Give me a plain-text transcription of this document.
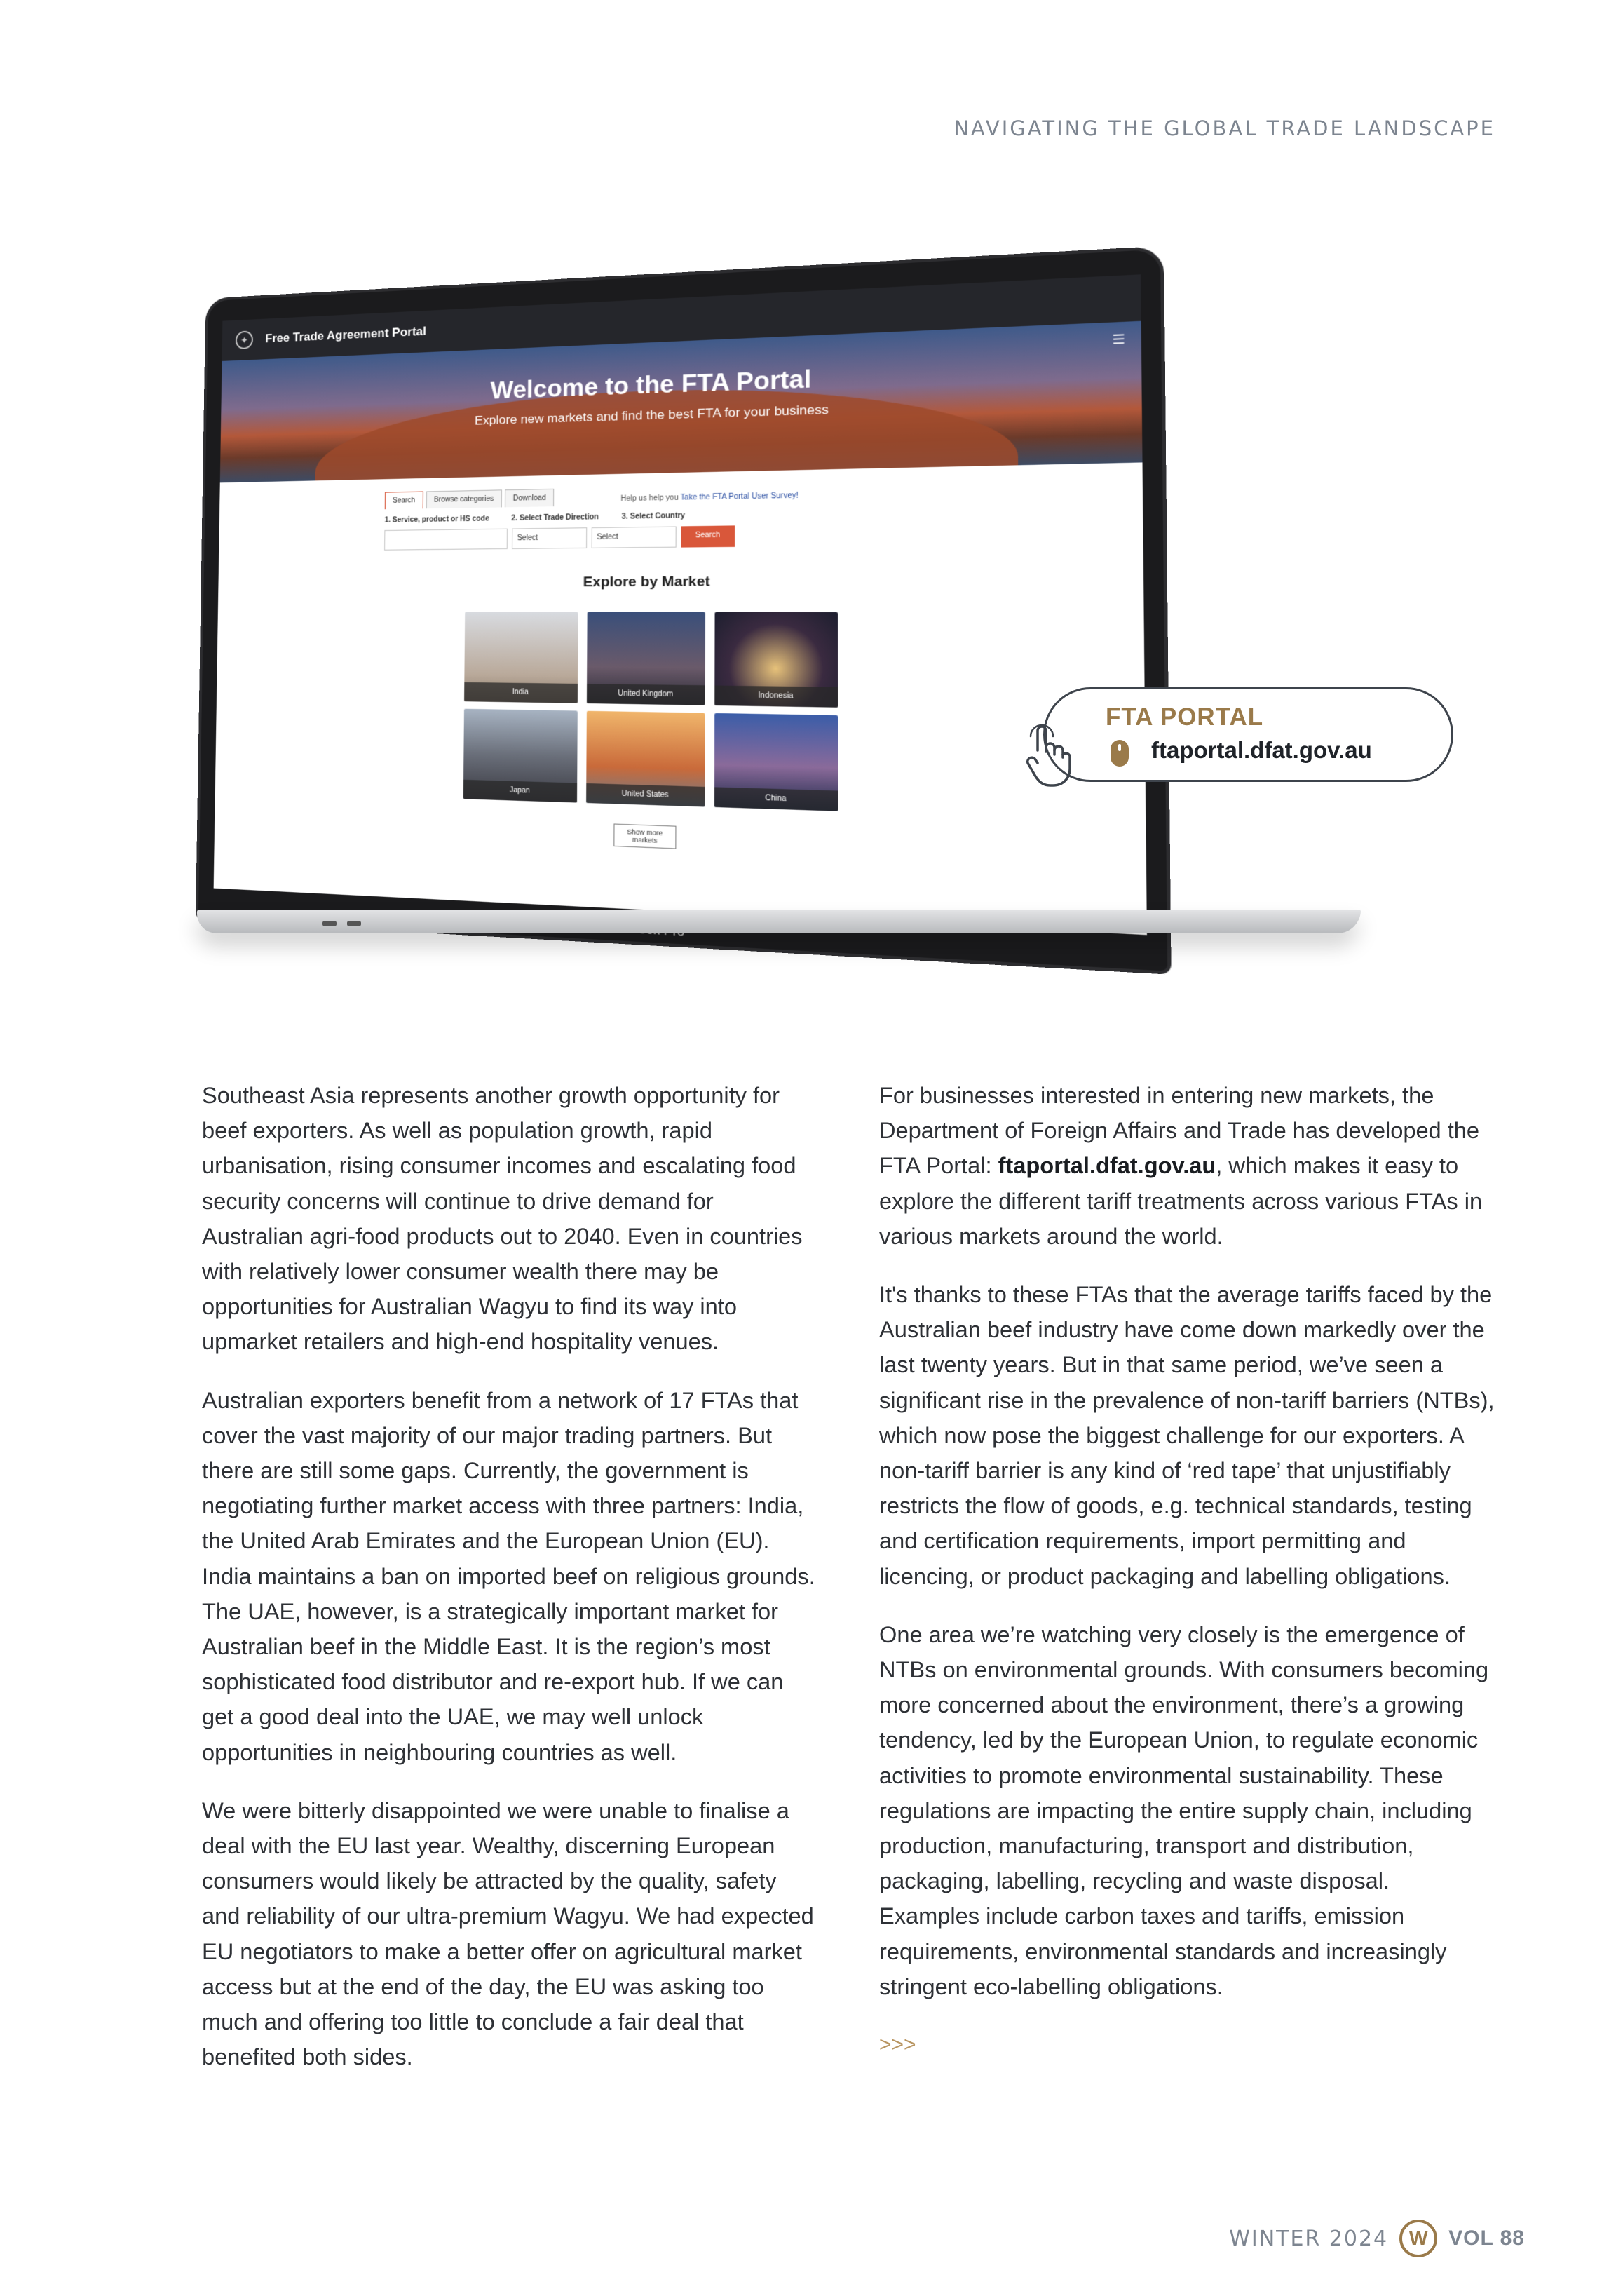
NAVIGATING THE GLOBAL TRADE LANDSCAPE
✦	Free Trade Agreement Portal	☰
Welcome to the FTA Portal
Explore new markets and find the best FTA for your business
Search	Browse categories	Download	Help us help you Take the FTA Portal User Survey!
1. Service, product or HS code	2. Select Trade Direction	3. Select Country
Select	Select	Search
Explore by Market
India	United Kingdom	Indonesia
Japan	United States	China
Show more markets
FTA PORTAL
ftaportal.dfat.gov.au

Southeast Asia represents another growth opportunity for beef exporters. As well as population growth, rapid urbanisation, rising consumer incomes and escalating food security concerns will continue to drive demand for Australian agri-food products out to 2040. Even in countries with relatively lower consumer wealth there may be opportunities for Australian Wagyu to find its way into upmarket retailers and high-end hospitality venues.

Australian exporters benefit from a network of 17 FTAs that cover the vast majority of our major trading partners. But there are still some gaps. Currently, the government is negotiating further market access with three partners: India, the United Arab Emirates and the European Union (EU). India maintains a ban on imported beef on religious grounds. The UAE, however, is a strategically important market for Australian beef in the Middle East. It is the region’s most sophisticated food distributor and re-export hub. If we can get a good deal into the UAE, we may well unlock opportunities in neighbouring countries as well.

We were bitterly disappointed we were unable to finalise a deal with the EU last year. Wealthy, discerning European consumers would likely be attracted by the quality, safety and reliability of our ultra-premium Wagyu. We had expected EU negotiators to make a better offer on agricultural market access but at the end of the day, the EU was asking too much and offering too little to conclude a fair deal that benefited both sides.

For businesses interested in entering new markets, the Department of Foreign Affairs and Trade has developed the FTA Portal: ftaportal.dfat.gov.au, which makes it easy to explore the different tariff treatments across various FTAs in various markets around the world.

It's thanks to these FTAs that the average tariffs faced by the Australian beef industry have come down markedly over the last twenty years. But in that same period, we’ve seen a significant rise in the prevalence of non-tariff barriers (NTBs), which now pose the biggest challenge for our exporters. A non-tariff barrier is any kind of ‘red tape’ that unjustifiably restricts the flow of goods, e.g. technical standards, testing and certification requirements, import permitting and licencing, or product packaging and labelling obligations.

One area we’re watching very closely is the emergence of NTBs on environmental grounds. With consumers becoming more concerned about the environment, there’s a growing tendency, led by the European Union, to regulate economic activities to promote environmental sustainability. These regulations are impacting the entire supply chain, including production, manufacturing, transport and distribution, packaging, labelling, recycling and waste disposal. Examples include carbon taxes and tariffs, emission requirements, environmental standards and increasingly stringent eco-labelling obligations.

>>>

WINTER 2024	W VOL 88
